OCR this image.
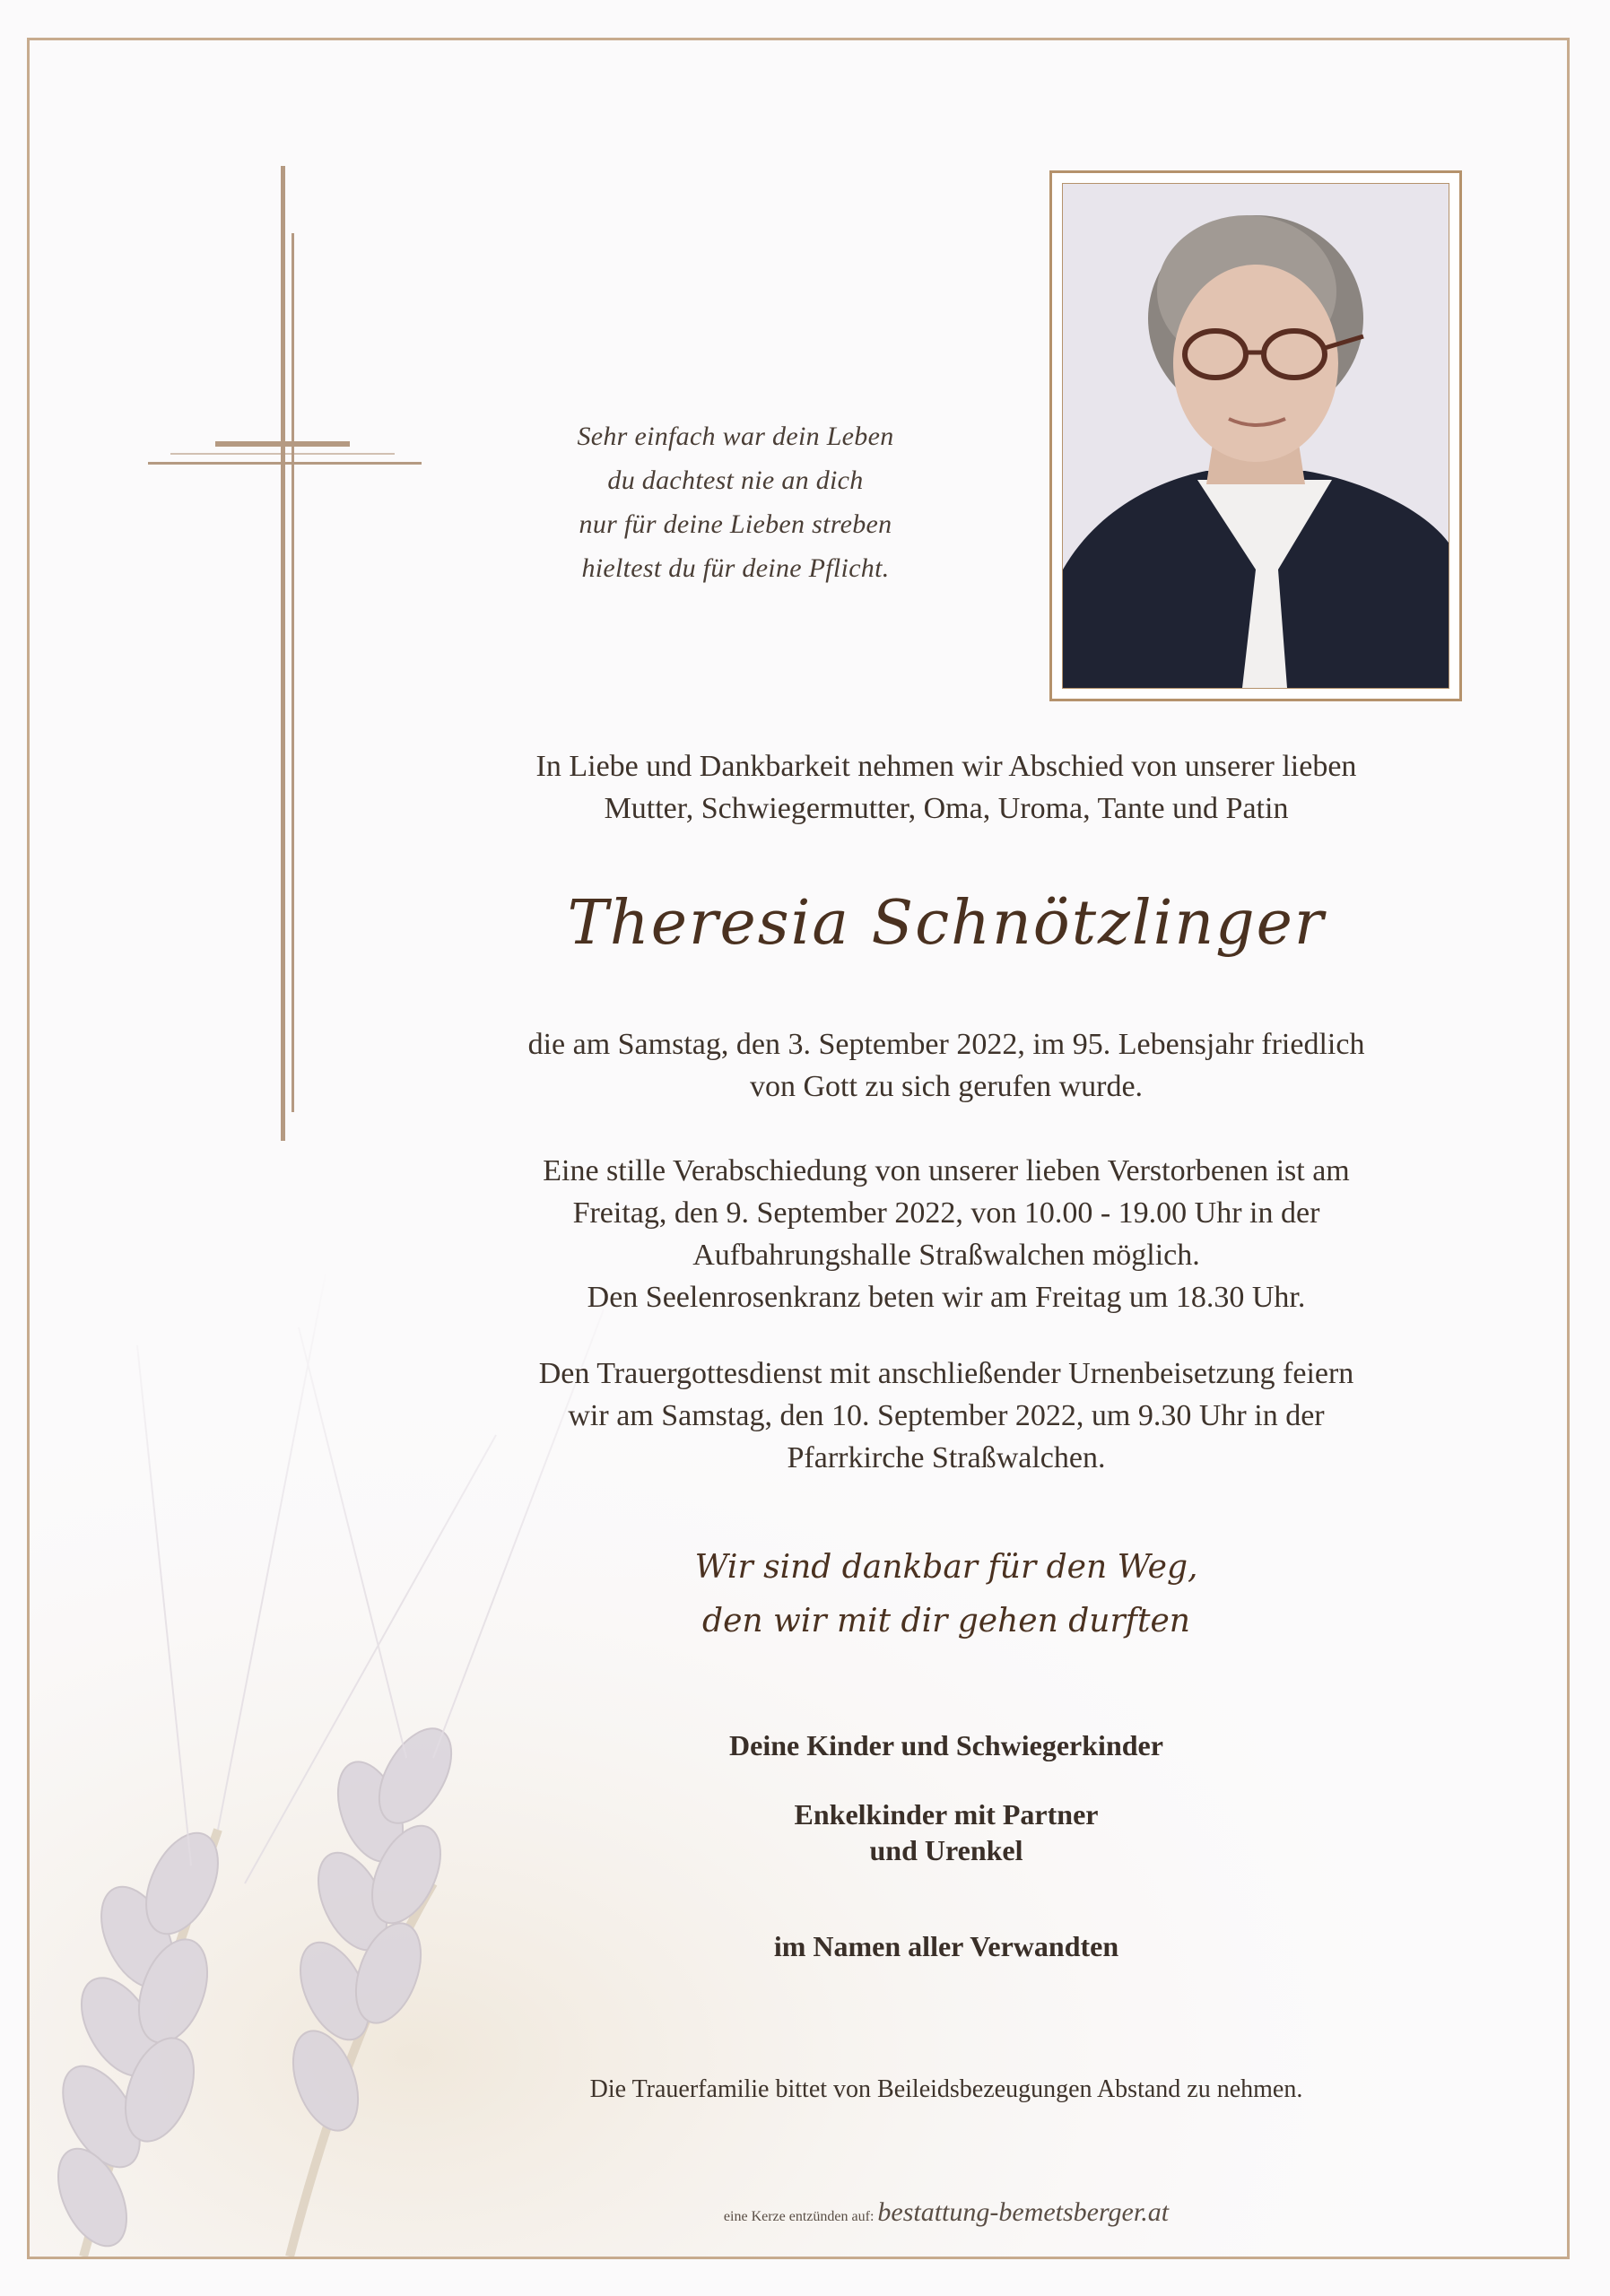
Sehr einfach war dein Leben
du dachtest nie an dich
nur für deine Lieben streben
hieltest du für deine Pflicht.
In Liebe und Dankbarkeit nehmen wir Abschied von unserer lieben
Mutter, Schwiegermutter, Oma, Uroma, Tante und Patin
Theresia Schnötzlinger
die am Samstag, den 3. September 2022, im 95. Lebensjahr friedlich
von Gott zu sich gerufen wurde.
Eine stille Verabschiedung von unserer lieben Verstorbenen ist am
Freitag, den 9. September 2022, von 10.00 - 19.00 Uhr in der
Aufbahrungshalle Straßwalchen möglich.
Den Seelenrosenkranz beten wir am Freitag um 18.30 Uhr.
Den Trauergottesdienst mit anschließender Urnenbeisetzung feiern
wir am Samstag, den 10. September 2022, um 9.30 Uhr in der
Pfarrkirche Straßwalchen.
Wir sind dankbar für den Weg,
den wir mit dir gehen durften
Deine Kinder und Schwiegerkinder
Enkelkinder mit Partner
und Urenkel
im Namen aller Verwandten
Die Trauerfamilie bittet von Beileidsbezeugungen Abstand zu nehmen.
eine Kerze entzünden auf: bestattung-bemetsberger.at
